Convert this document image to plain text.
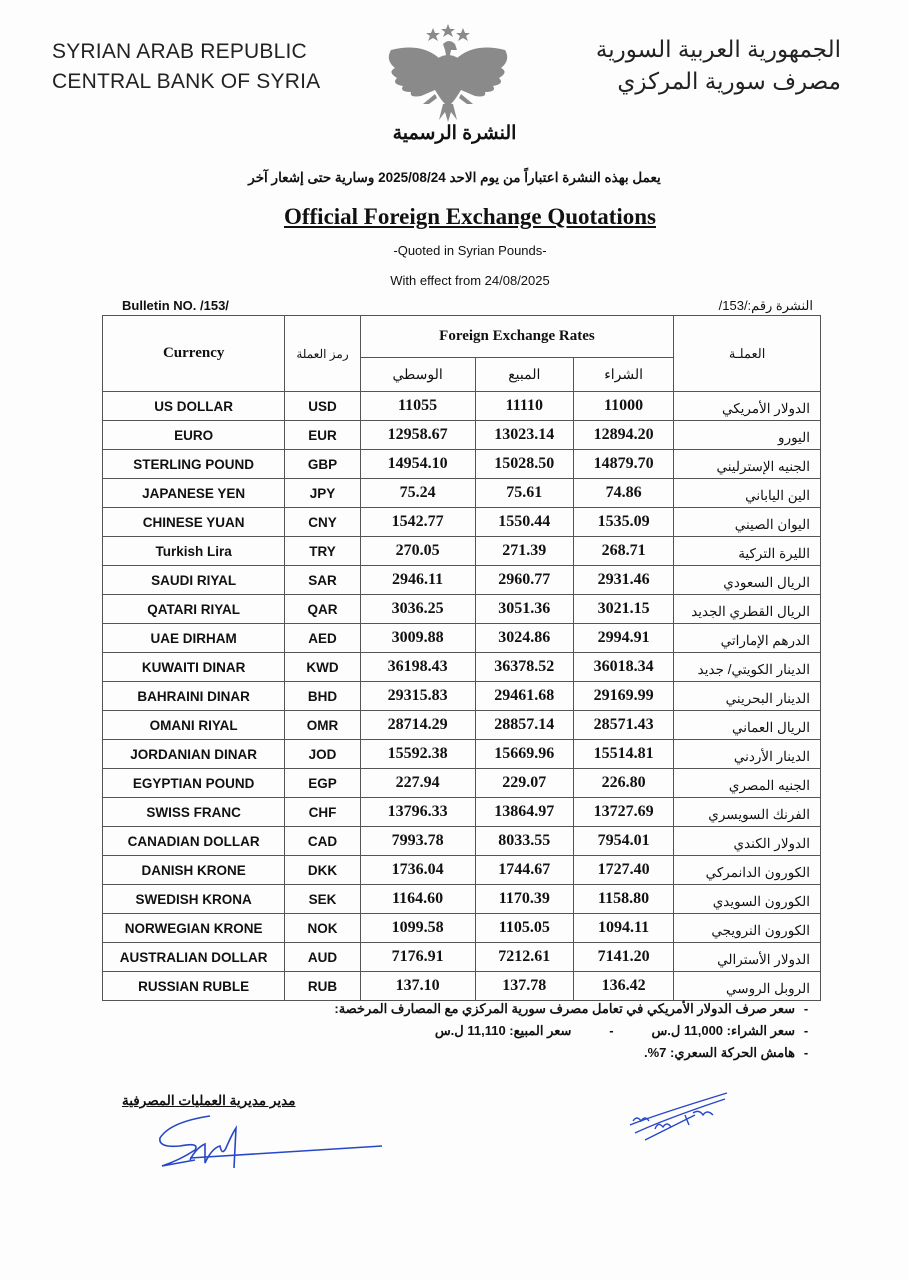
SYRIAN ARAB REPUBLIC
CENTRAL BANK OF SYRIA
الجمهورية العربية السورية
مصرف سورية المركزي
النشرة الرسمية
يعمل بهذه النشرة اعتباراً من يوم الاحد 2025/08/24 وسارية حتى إشعار آخر
Official Foreign Exchange Quotations
-Quoted in Syrian Pounds-
With effect from 24/08/2025
Bulletin NO. /153/	النشرة رقم:/153/
Currency	رمز العملة	Foreign Exchange Rates			العملـة
		الوسطي	المبيع	الشراء	
US DOLLAR	USD	11055	11110	11000	الدولار الأمريكي
EURO	EUR	12958.67	13023.14	12894.20	اليورو
STERLING POUND	GBP	14954.10	15028.50	14879.70	الجنيه الإسترليني
JAPANESE YEN	JPY	75.24	75.61	74.86	الين الياباني
CHINESE YUAN	CNY	1542.77	1550.44	1535.09	اليوان الصيني
Turkish Lira	TRY	270.05	271.39	268.71	الليرة التركية
SAUDI RIYAL	SAR	2946.11	2960.77	2931.46	الريال السعودي
QATARI RIYAL	QAR	3036.25	3051.36	3021.15	الريال القطري الجديد
UAE DIRHAM	AED	3009.88	3024.86	2994.91	الدرهم الإماراتي
KUWAITI DINAR	KWD	36198.43	36378.52	36018.34	الدينار الكويتي/ جديد
BAHRAINI DINAR	BHD	29315.83	29461.68	29169.99	الدينار البحريني
OMANI RIYAL	OMR	28714.29	28857.14	28571.43	الريال العماني
JORDANIAN DINAR	JOD	15592.38	15669.96	15514.81	الدينار الأردني
EGYPTIAN POUND	EGP	227.94	229.07	226.80	الجنيه المصري
SWISS FRANC	CHF	13796.33	13864.97	13727.69	الفرنك السويسري
CANADIAN DOLLAR	CAD	7993.78	8033.55	7954.01	الدولار الكندي
DANISH KRONE	DKK	1736.04	1744.67	1727.40	الكورون الدانمركي
SWEDISH KRONA	SEK	1164.60	1170.39	1158.80	الكورون السويدي
NORWEGIAN KRONE	NOK	1099.58	1105.05	1094.11	الكورون النرويجي
AUSTRALIAN DOLLAR	AUD	7176.91	7212.61	7141.20	الدولار الأسترالي
RUSSIAN RUBLE	RUB	137.10	137.78	136.42	الروبل الروسي
-
سعر صرف الدولار الأمريكي في تعامل مصرف سورية المركزي مع المصارف المرخصة:
-
سعر الشراء: 11,000 ل.س
-
سعر المبيع: 11,110 ل.س
-
هامش الحركة السعري: 7%.
مدير مديرية العمليات المصرفية
